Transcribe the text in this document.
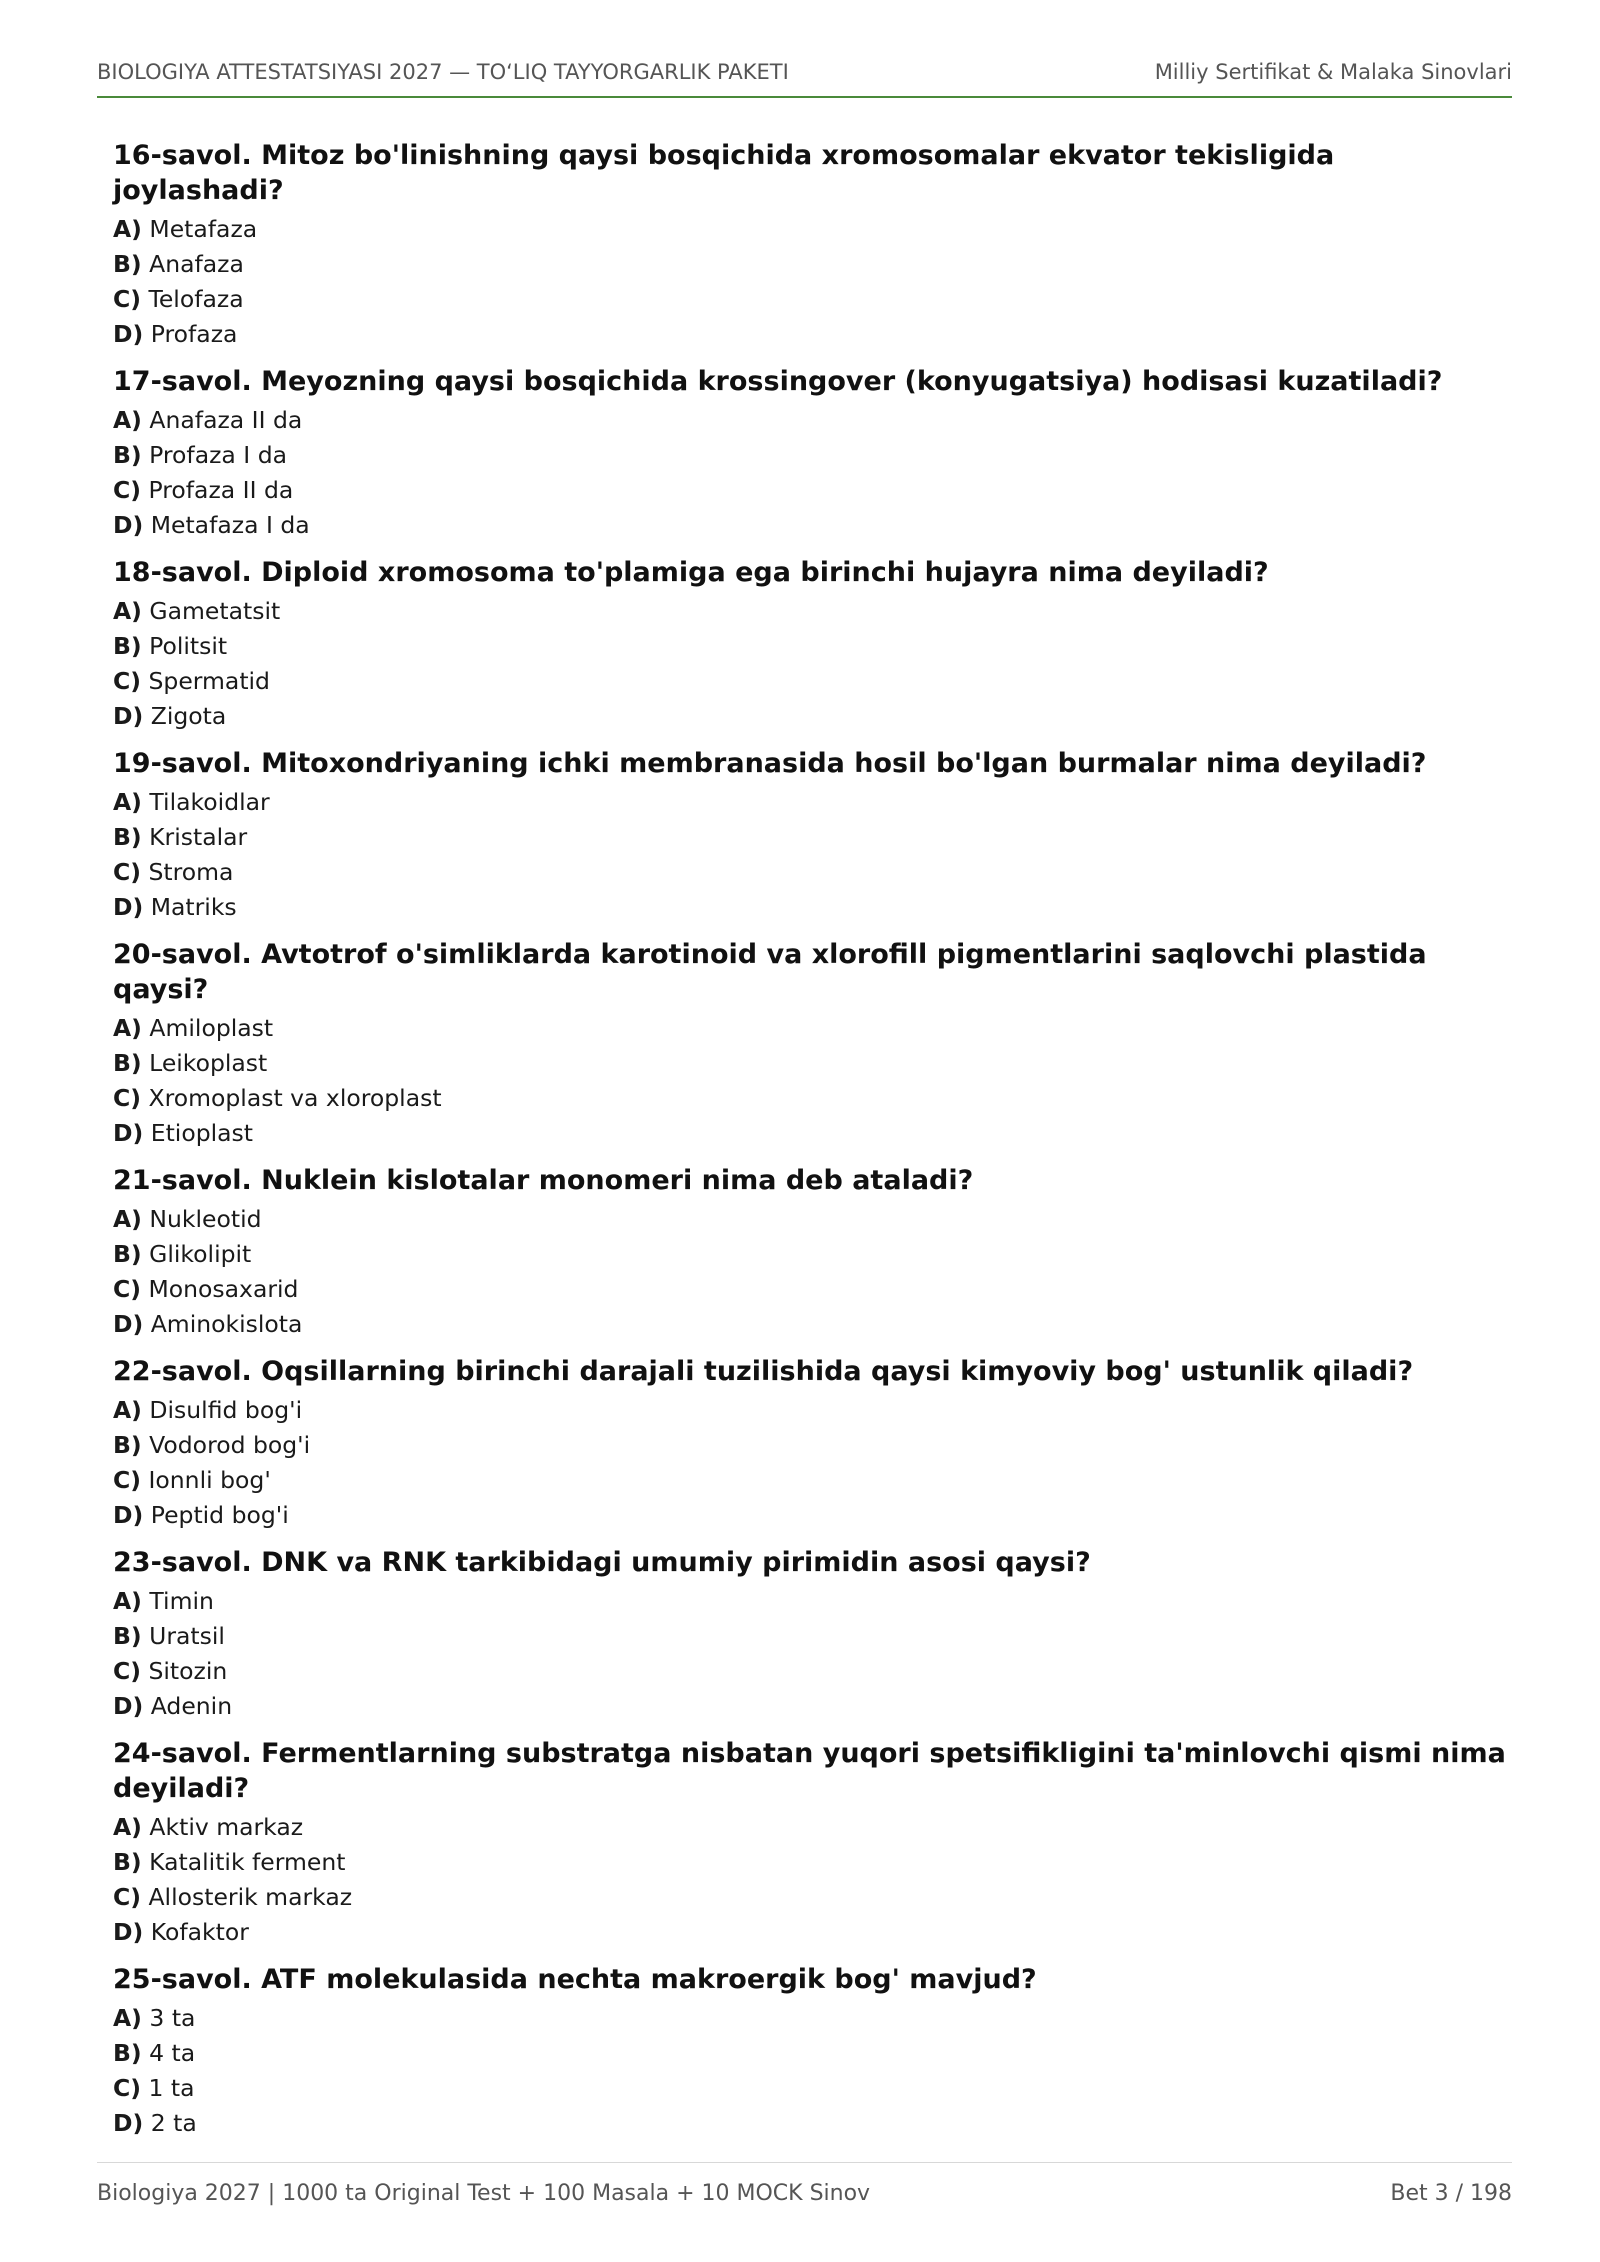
BIOLOGIYA ATTESTATSIYASI 2027 — TO‘LIQ TAYYORGARLIK PAKETI	Milliy Sertifikat & Malaka Sinovlari
16-savol. Mitoz bo'linishning qaysi bosqichida xromosomalar ekvator tekisligida joylashadi?
A) Metafaza
B) Anafaza
C) Telofaza
D) Profaza
17-savol. Meyozning qaysi bosqichida krossingover (konyugatsiya) hodisasi kuzatiladi?
A) Anafaza II da
B) Profaza I da
C) Profaza II da
D) Metafaza I da
18-savol. Diploid xromosoma to'plamiga ega birinchi hujayra nima deyiladi?
A) Gametatsit
B) Politsit
C) Spermatid
D) Zigota
19-savol. Mitoxondriyaning ichki membranasida hosil bo'lgan burmalar nima deyiladi?
A) Tilakoidlar
B) Kristalar
C) Stroma
D) Matriks
20-savol. Avtotrof o'simliklarda karotinoid va xlorofill pigmentlarini saqlovchi plastida qaysi?
A) Amiloplast
B) Leikoplast
C) Xromoplast va xloroplast
D) Etioplast
21-savol. Nuklein kislotalar monomeri nima deb ataladi?
A) Nukleotid
B) Glikolipit
C) Monosaxarid
D) Aminokislota
22-savol. Oqsillarning birinchi darajali tuzilishida qaysi kimyoviy bog' ustunlik qiladi?
A) Disulfid bog'i
B) Vodorod bog'i
C) Ionnli bog'
D) Peptid bog'i
23-savol. DNK va RNK tarkibidagi umumiy pirimidin asosi qaysi?
A) Timin
B) Uratsil
C) Sitozin
D) Adenin
24-savol. Fermentlarning substratga nisbatan yuqori spetsifikligini ta'minlovchi qismi nima deyiladi?
A) Aktiv markaz
B) Katalitik ferment
C) Allosterik markaz
D) Kofaktor
25-savol. ATF molekulasida nechta makroergik bog' mavjud?
A) 3 ta
B) 4 ta
C) 1 ta
D) 2 ta
Biologiya 2027 | 1000 ta Original Test + 100 Masala + 10 MOCK Sinov	Bet 3 / 198
